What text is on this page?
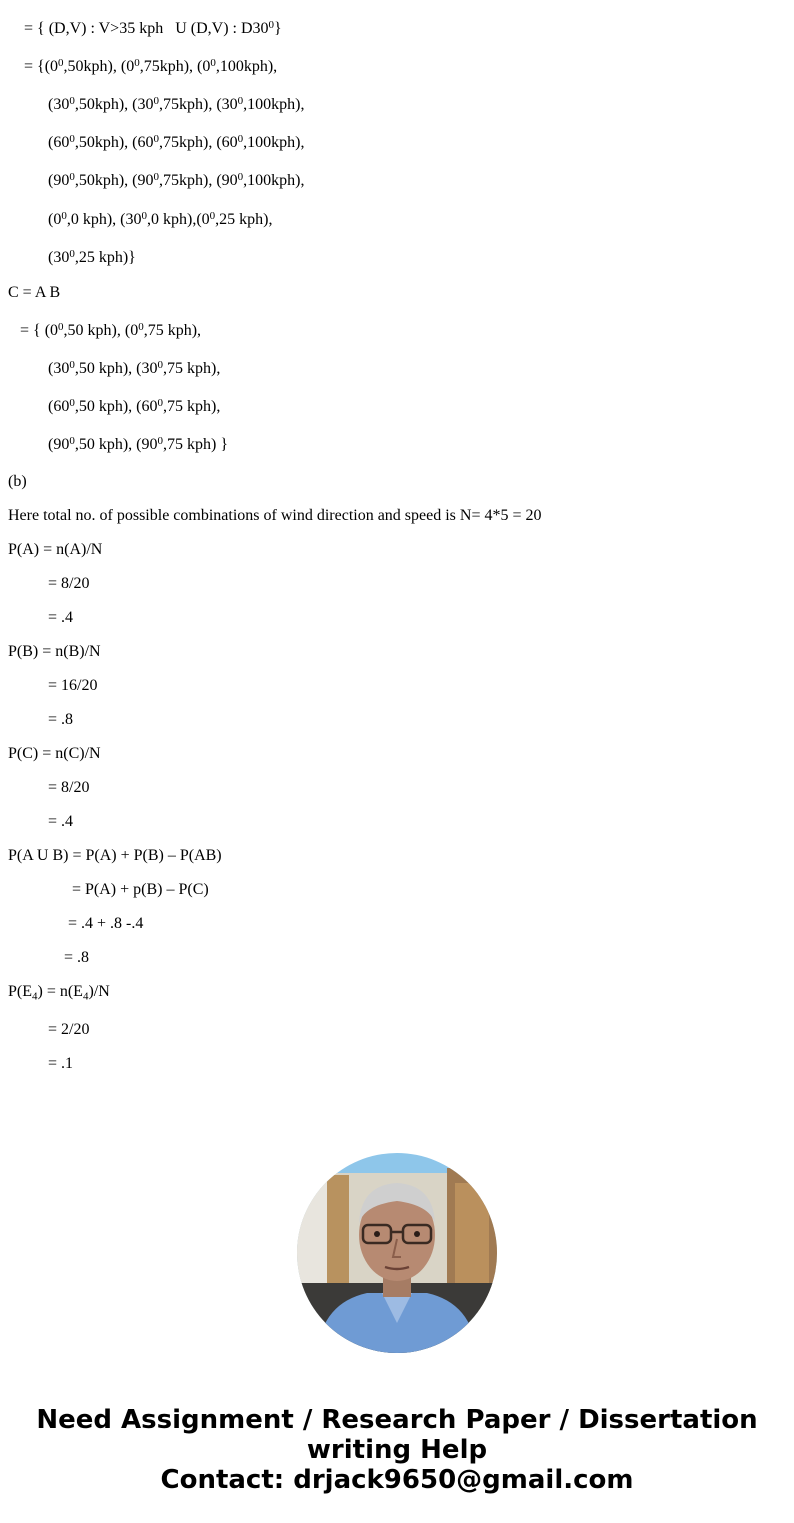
= { (D,V) : V>35 kph   U (D,V) : $D30^0$}
= {$(0^0,50kph)$, $(0^0,75kph)$, $(0^0,100kph)$,
$(30^0,50kph)$, $(30^0,75kph)$, $(30^0,100kph)$,
$(60^0,50kph)$, $(60^0,75kph)$, $(60^0,100kph)$,
$(90^0,50kph)$, $(90^0,75kph)$, $(90^0,100kph)$,
($0^0,0$ kph), ($30^0,0$ $kph),(0^0,25$ kph),
($30^0,25$ kph)}
C = A B
= { ($0^0,50$ kph), ($0^0,75$ kph),
($30^0,50$ kph), ($30^0,75$ kph),
($60^0,50$ kph), ($60^0,75$ kph),
($90^0,50$ kph), ($90^0,75$ kph) }
(b)
Here total no. of possible combinations of wind direction and speed is N= 4*5 = 20
P(A) = n(A)/N
= 8/20
= .4
P(B) = n(B)/N
= 16/20
= .8
P(C) = n(C)/N
= 8/20
= .4
P(A U B) = P(A) + P(B) – P(AB)
= P(A) + p(B) – P(C)
= .4 + .8 -.4
= .8
$P(E_4) = n(E_4)/N$
= 2/20
= .1
Need Assignment / Research Paper / Dissertation
writing Help
Contact: drjack9650@gmail.com
